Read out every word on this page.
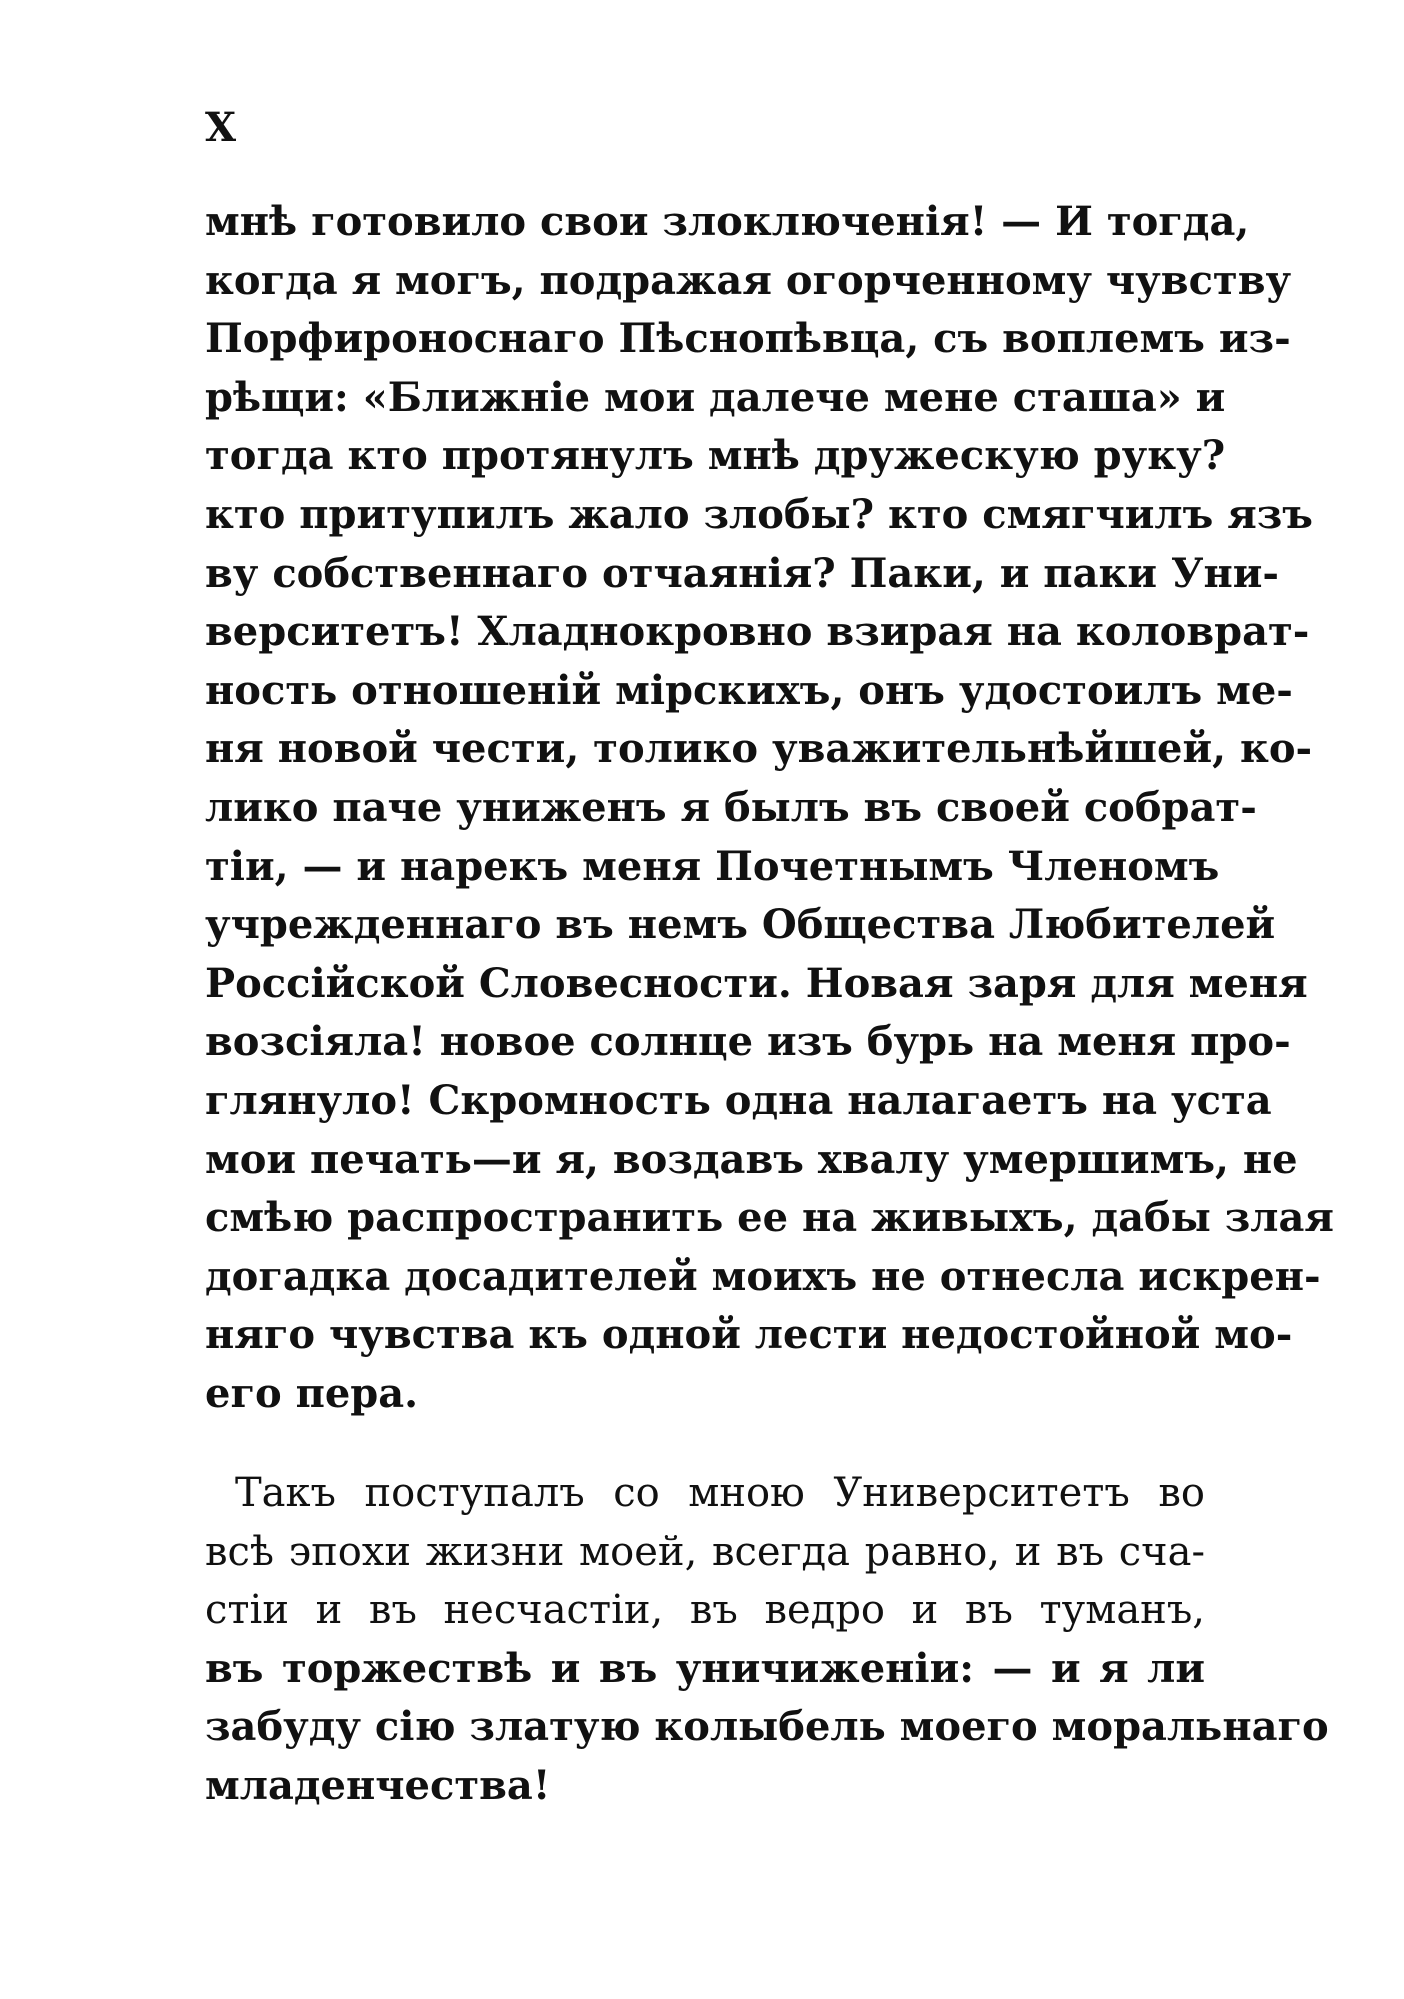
X
мнѣ готовило свои злоключенія! — И тогда,
когда я могъ, подражая огорченному чувству
Порфироноснаго Пѣснопѣвца, съ воплемъ из-
рѣщи: «Ближніе мои далече мене сташа» и
тогда кто протянулъ мнѣ дружескую руку?
кто притупилъ жало злобы? кто смягчилъ язъ
ву собственнаго отчаянія? Паки, и паки Уни-
верситетъ! Хладнокровно взирая на коловрат-
ность отношеній мірскихъ, онъ удостоилъ ме-
ня новой чести, толико уважительнѣйшей, ко-
лико паче униженъ я былъ въ своей собрат-
тіи, — и нарекъ меня Почетнымъ Членомъ
учрежденнаго въ немъ Общества Любителей
Россійской Словесности. Новая заря для меня
возсіяла! новое солнце изъ бурь на меня про-
глянуло! Скромность одна налагаетъ на уста
мои печать—и я, воздавъ хвалу умершимъ, не
смѣю распространить ее на живыхъ, дабы злая
догадка досадителей моихъ не отнесла искрен-
няго чувства къ одной лести недостойной мо-
его пера.
Такъ поступалъ со мною Университетъ во
всѣ эпохи жизни моей, всегда равно, и въ сча-
стіи и въ несчастіи, въ ведро и въ туманъ,
въ торжествѣ и въ уничиженіи: — и я ли
забуду сію златую колыбель моего моральнаго
младенчества!
